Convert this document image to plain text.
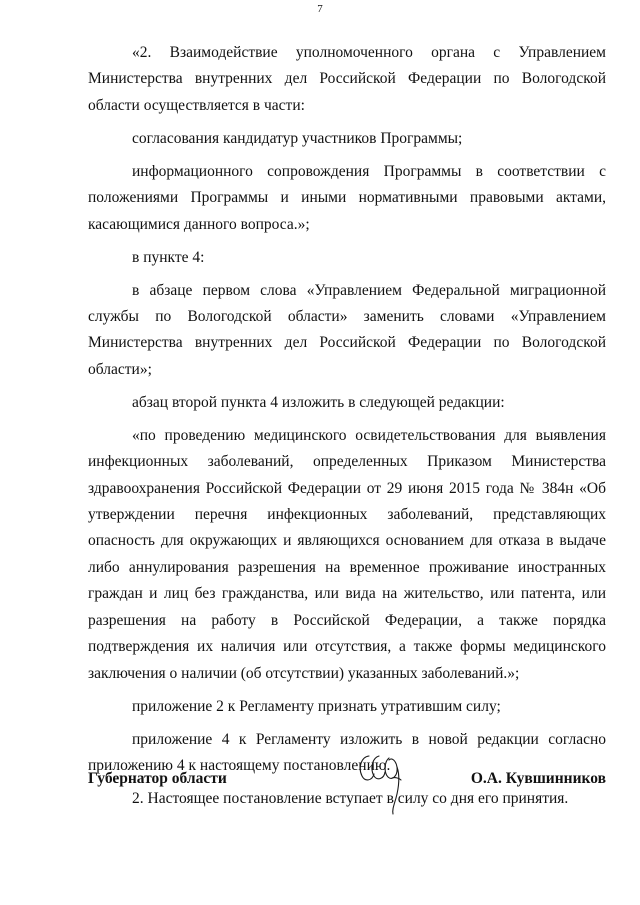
7

«2. Взаимодействие уполномоченного органа с Управлением Министерства внутренних дел Российской Федерации по Вологодской области осуществляется в части:

согласования кандидатур участников Программы;

информационного сопровождения Программы в соответствии с положениями Программы и иными нормативными правовыми актами, касающимися данного вопроса.»;

в пункте 4:

в абзаце первом слова «Управлением Федеральной миграционной службы по Вологодской области» заменить словами «Управлением Министерства внутренних дел Российской Федерации по Вологодской области»;

абзац второй пункта 4 изложить в следующей редакции:

«по проведению медицинского освидетельствования для выявления инфекционных заболеваний, определенных Приказом Министерства здравоохранения Российской Федерации от 29 июня 2015 года № 384н «Об утверждении перечня инфекционных заболеваний, представляющих опасность для окружающих и являющихся основанием для отказа в выдаче либо аннулирования разрешения на временное проживание иностранных граждан и лиц без гражданства, или вида на жительство, или патента, или разрешения на работу в Российской Федерации, а также порядка подтверждения их наличия или отсутствия, а также формы медицинского заключения о наличии (об отсутствии) указанных заболеваний.»;

приложение 2 к Регламенту признать утратившим силу;

приложение 4 к Регламенту изложить в новой редакции согласно приложению 4 к настоящему постановлению.

2. Настоящее постановление вступает в силу со дня его принятия.

Губернатор области	О.А. Кувшинников
